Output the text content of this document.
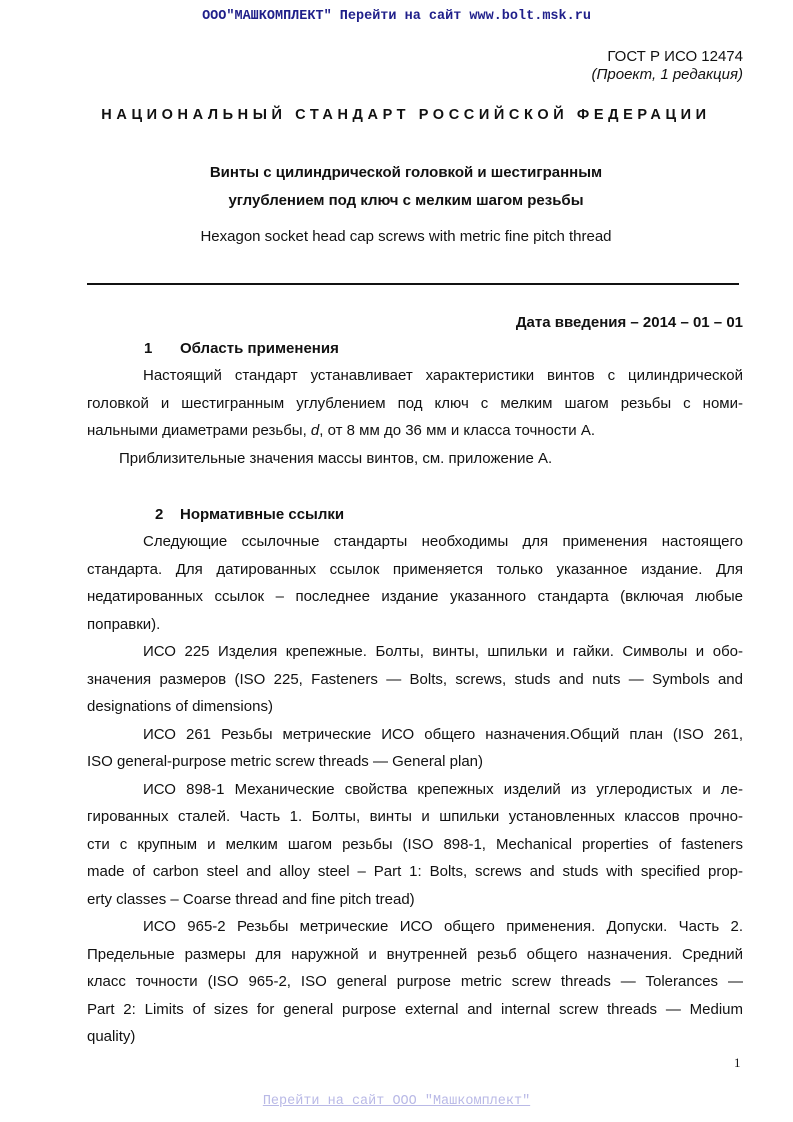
ООО"МАШКОМПЛЕКТ" Перейти на сайт www.bolt.msk.ru
ГОСТ Р ИСО 12474
(Проект, 1 редакция)
НАЦИОНАЛЬНЫЙ СТАНДАРТ РОССИЙСКОЙ ФЕДЕРАЦИИ
Винты с цилиндрической головкой и шестигранным
углублением под ключ с мелким шагом резьбы
Hexagon socket head cap screws with metric fine pitch thread
Дата введения – 2014 – 01 – 01
1 Область применения
2 Нормативные ссылки
Настоящий стандарт устанавливает характеристики винтов с цилиндрической
головкой и шестигранным углублением под ключ с мелким шагом резьбы с номи-
нальными диаметрами резьбы, d, от 8 мм до 36 мм и класса точности А.
Приблизительные значения массы винтов, см. приложение А.
Следующие ссылочные стандарты необходимы для применения настоящего
стандарта. Для датированных ссылок применяется только указанное издание. Для
недатированных ссылок – последнее издание указанного стандарта (включая любые
поправки).
ИСО 225 Изделия крепежные. Болты, винты, шпильки и гайки. Символы и обо-
значения размеров (ISO 225, Fasteners — Bolts, screws, studs and nuts — Symbols and
designations of dimensions)
ИСО 261 Резьбы метрические ИСО общего назначения.Общий план (ISO 261,
ISO general-purpose metric screw threads — General plan)
ИСО 898-1 Механические свойства крепежных изделий из углеродистых и ле-
гированных сталей. Часть 1. Болты, винты и шпильки установленных классов прочно-
сти с крупным и мелким шагом резьбы (ISO 898-1, Mechanical properties of fasteners
made of carbon steel and alloy steel – Part 1: Bolts, screws and studs with specified prop-
erty classes – Coarse thread and fine pitch tread)
ИСО 965-2 Резьбы метрические ИСО общего применения. Допуски. Часть 2.
Предельные размеры для наружной и внутренней резьб общего назначения. Средний
класс точности (ISO 965-2, ISO general purpose metric screw threads — Tolerances —
Part 2: Limits of sizes for general purpose external and internal screw threads — Medium
quality)
1
Перейти на сайт ООО "Машкомплект"
